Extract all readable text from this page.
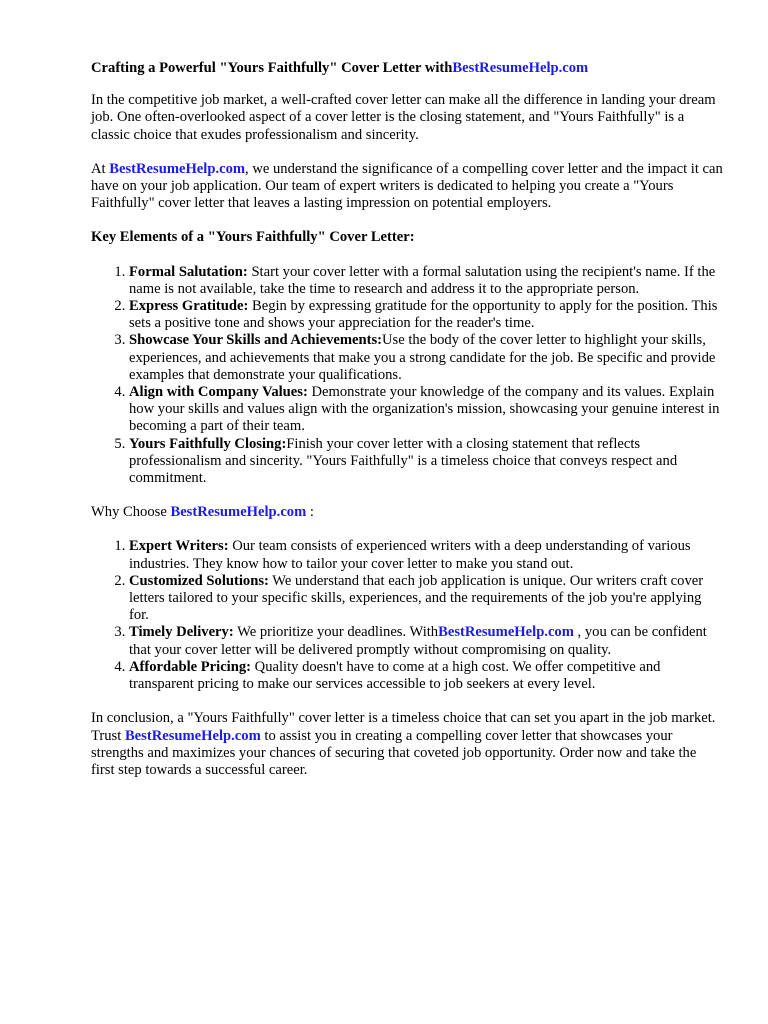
Crafting a Powerful "Yours Faithfully" Cover Letter withBestResumeHelp.com

In the competitive job market, a well-crafted cover letter can make all the difference in landing your dream job. One often-overlooked aspect of a cover letter is the closing statement, and "Yours Faithfully" is a classic choice that exudes professionalism and sincerity.

At BestResumeHelp.com, we understand the significance of a compelling cover letter and the impact it can have on your job application. Our team of expert writers is dedicated to helping you create a "Yours Faithfully" cover letter that leaves a lasting impression on potential employers.

Key Elements of a "Yours Faithfully" Cover Letter:
1. Formal Salutation: Start your cover letter with a formal salutation using the recipient's name. If the name is not available, take the time to research and address it to the appropriate person.
2. Express Gratitude: Begin by expressing gratitude for the opportunity to apply for the position. This sets a positive tone and shows your appreciation for the reader's time.
3. Showcase Your Skills and Achievements:Use the body of the cover letter to highlight your skills, experiences, and achievements that make you a strong candidate for the job. Be specific and provide examples that demonstrate your qualifications.
4. Align with Company Values: Demonstrate your knowledge of the company and its values. Explain how your skills and values align with the organization's mission, showcasing your genuine interest in becoming a part of their team.
5. Yours Faithfully Closing:Finish your cover letter with a closing statement that reflects professionalism and sincerity. "Yours Faithfully" is a timeless choice that conveys respect and commitment.
Why Choose BestResumeHelp.com :
1. Expert Writers: Our team consists of experienced writers with a deep understanding of various industries. They know how to tailor your cover letter to make you stand out.
2. Customized Solutions: We understand that each job application is unique. Our writers craft cover letters tailored to your specific skills, experiences, and the requirements of the job you're applying for.
3. Timely Delivery: We prioritize your deadlines. WithBestResumeHelp.com , you can be confident that your cover letter will be delivered promptly without compromising on quality.
4. Affordable Pricing: Quality doesn't have to come at a high cost. We offer competitive and transparent pricing to make our services accessible to job seekers at every level.

In conclusion, a "Yours Faithfully" cover letter is a timeless choice that can set you apart in the job market. Trust BestResumeHelp.com to assist you in creating a compelling cover letter that showcases your strengths and maximizes your chances of securing that coveted job opportunity. Order now and take the first step towards a successful career.
